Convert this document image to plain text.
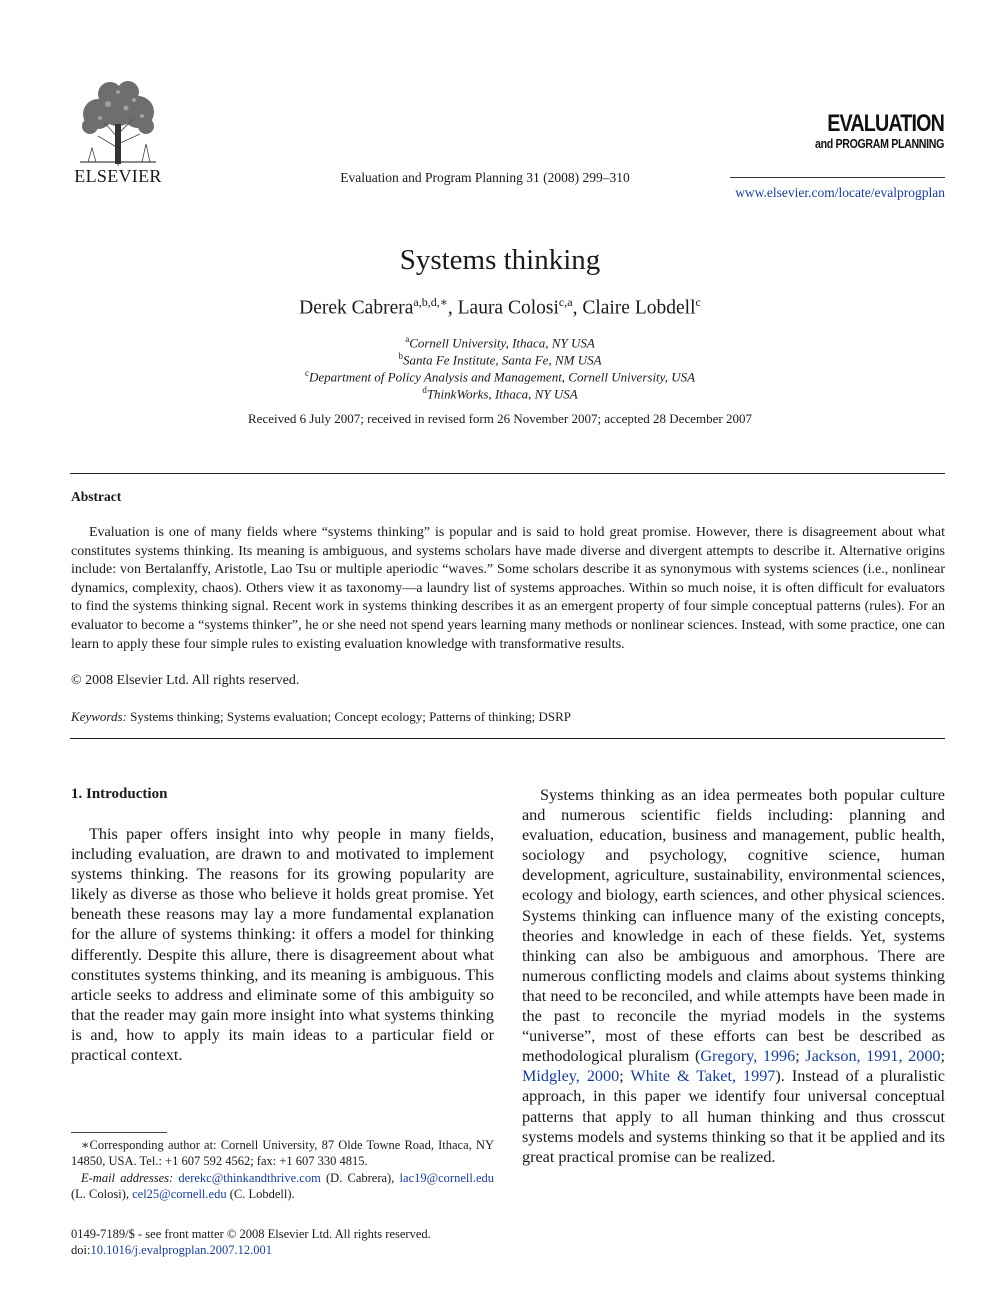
ELSEVIER	Evaluation and Program Planning 31 (2008) 299–310
EVALUATION
and PROGRAM PLANNING
www.elsevier.com/locate/evalprogplan
Systems thinking
Derek Cabrera$^{a,b,d,∗}$, Laura Colosi$^{c,a}$, Claire Lobdell$^c$
$^a$Cornell University, Ithaca, NY USA
$^b$Santa Fe Institute, Santa Fe, NM USA
$^c$Department of Policy Analysis and Management, Cornell University, USA
$^d$ThinkWorks, Ithaca, NY USA
Received 6 July 2007; received in revised form 26 November 2007; accepted 28 December 2007
Abstract
Evaluation is one of many fields where “systems thinking” is popular and is said to hold great promise. However, there is disagreement about what constitutes systems thinking. Its meaning is ambiguous, and systems scholars have made diverse and divergent attempts to describe it. Alternative origins include: von Bertalanffy, Aristotle, Lao Tsu or multiple aperiodic “waves.” Some scholars describe it as synonymous with systems sciences (i.e., nonlinear dynamics, complexity, chaos). Others view it as taxonomy—a laundry list of systems approaches. Within so much noise, it is often difficult for evaluators to find the systems thinking signal. Recent work in systems thinking describes it as an emergent property of four simple conceptual patterns (rules). For an evaluator to become a “systems thinker”, he or she need not spend years learning many methods or nonlinear sciences. Instead, with some practice, one can learn to apply these four simple rules to existing evaluation knowledge with transformative results.
© 2008 Elsevier Ltd. All rights reserved.
Keywords: Systems thinking; Systems evaluation; Concept ecology; Patterns of thinking; DSRP
1. Introduction
This paper offers insight into why people in many fields, including evaluation, are drawn to and motivated to implement systems thinking. The reasons for its growing popularity are likely as diverse as those who believe it holds great promise. Yet beneath these reasons may lay a more fundamental explanation for the allure of systems thinking: it offers a model for thinking differently. Despite this allure, there is disagreement about what constitutes systems thinking, and its meaning is ambiguous. This article seeks to address and eliminate some of this ambiguity so that the reader may gain more insight into what systems thinking is and, how to apply its main ideas to a particular field or practical context.
Systems thinking as an idea permeates both popular culture and numerous scientific fields including: planning and evaluation, education, business and management, public health, sociology and psychology, cognitive science, human development, agriculture, sustainability, environmental sciences, ecology and biology, earth sciences, and other physical sciences. Systems thinking can influence many of the existing concepts, theories and knowledge in each of these fields. Yet, systems thinking can also be ambiguous and amorphous. There are numerous conflicting models and claims about systems thinking that need to be reconciled, and while attempts have been made in the past to reconcile the myriad models in the systems “universe”, most of these efforts can best be described as methodological pluralism (Gregory, 1996; Jackson, 1991, 2000; Midgley, 2000; White & Taket, 1997). Instead of a pluralistic approach, in this paper we identify four universal conceptual patterns that apply to all human thinking and thus crosscut systems models and systems thinking so that it be applied and its great practical promise can be realized.
∗Corresponding author at: Cornell University, 87 Olde Towne Road, Ithaca, NY 14850, USA. Tel.: +1 607 592 4562; fax: +1 607 330 4815.
E-mail addresses: derekc@thinkandthrive.com (D. Cabrera), lac19@cornell.edu (L. Colosi), cel25@cornell.edu (C. Lobdell).
0149-7189/$ - see front matter © 2008 Elsevier Ltd. All rights reserved.
doi:10.1016/j.evalprogplan.2007.12.001
